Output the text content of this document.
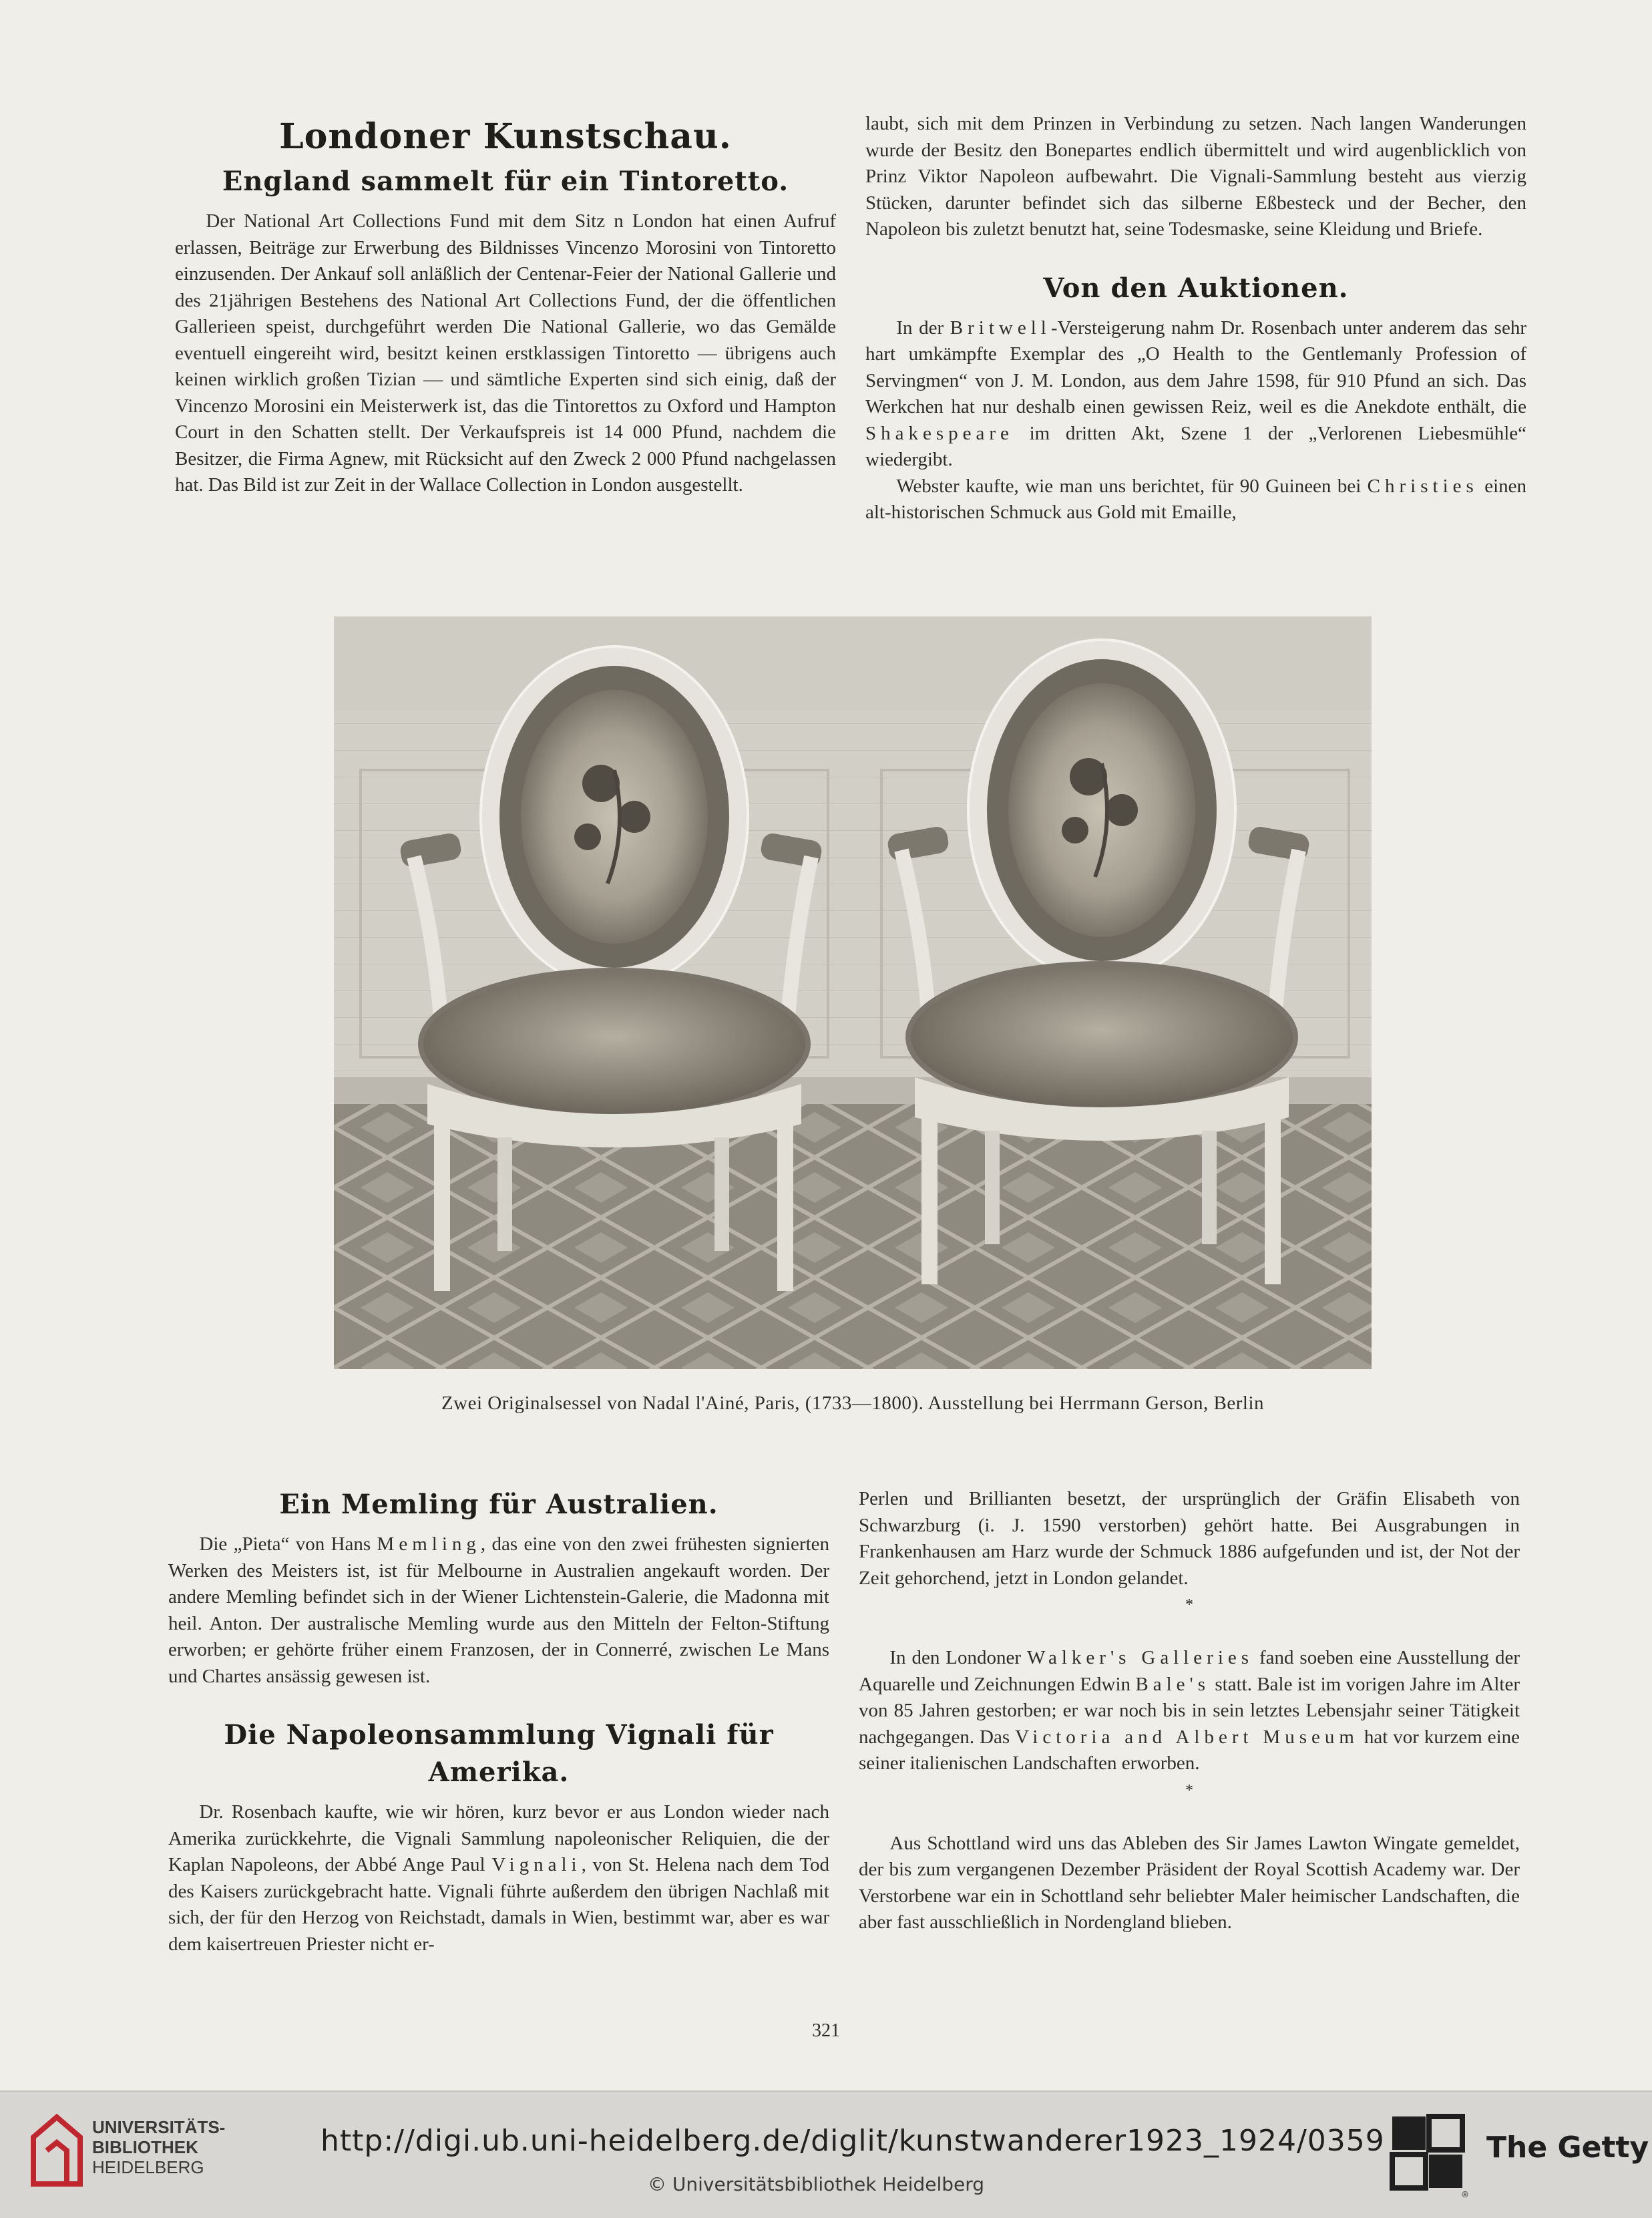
Londoner Kunstschau.
England sammelt für ein Tintoretto.

Der National Art Collections Fund mit dem Sitz n London hat einen Aufruf erlassen, Beiträge zur Erwerbung des Bildnisses Vincenzo Morosini von Tintoretto einzusenden. Der Ankauf soll anläßlich der Centenar-Feier der National Gallerie und des 21jährigen Bestehens des National Art Collections Fund, der die öffentlichen Gallerieen speist, durchgeführt werden Die National Gallerie, wo das Gemälde eventuell eingereiht wird, besitzt keinen erstklassigen Tintoretto — übrigens auch keinen wirklich großen Tizian — und sämtliche Experten sind sich einig, daß der Vincenzo Morosini ein Meisterwerk ist, das die Tintorettos zu Oxford und Hampton Court in den Schatten stellt. Der Verkaufspreis ist 14 000 Pfund, nachdem die Besitzer, die Firma Agnew, mit Rücksicht auf den Zweck 2 000 Pfund nachgelassen hat. Das Bild ist zur Zeit in der Wallace Collection in London ausgestellt.

laubt, sich mit dem Prinzen in Verbindung zu setzen. Nach langen Wanderungen wurde der Besitz den Bonepartes endlich übermittelt und wird augenblicklich von Prinz Viktor Napoleon aufbewahrt. Die Vignali-Sammlung besteht aus vierzig Stücken, darunter befindet sich das silberne Eßbesteck und der Becher, den Napoleon bis zuletzt benutzt hat, seine Todesmaske, seine Kleidung und Briefe.

Von den Auktionen.

In der Britwell-Versteigerung nahm Dr. Rosenbach unter anderem das sehr hart umkämpfte Exemplar des „O Health to the Gentlemanly Profession of Servingmen“ von J. M. London, aus dem Jahre 1598, für 910 Pfund an sich. Das Werkchen hat nur deshalb einen gewissen Reiz, weil es die Anekdote enthält, die Shakespeare im dritten Akt, Szene 1 der „Verlorenen Liebesmühle“ wiedergibt.

Webster kaufte, wie man uns berichtet, für 90 Guineen bei Christies einen alt-historischen Schmuck aus Gold mit Emaille,

Zwei Originalsessel von Nadal l'Ainé, Paris, (1733—1800). Ausstellung bei Herrmann Gerson, Berlin
Ein Memling für Australien.

Die „Pieta“ von Hans Memling, das eine von den zwei frühesten signierten Werken des Meisters ist, ist für Melbourne in Australien angekauft worden. Der andere Memling befindet sich in der Wiener Lichtenstein-Galerie, die Madonna mit heil. Anton. Der australische Memling wurde aus den Mitteln der Felton-Stiftung erworben; er gehörte früher einem Franzosen, der in Connerré, zwischen Le Mans und Chartes ansässig gewesen ist.

Die Napoleonsammlung Vignali für Amerika.

Dr. Rosenbach kaufte, wie wir hören, kurz bevor er aus London wieder nach Amerika zurückkehrte, die Vignali Sammlung napoleonischer Reliquien, die der Kaplan Napoleons, der Abbé Ange Paul Vignali, von St. Helena nach dem Tod des Kaisers zurückgebracht hatte. Vignali führte außerdem den übrigen Nachlaß mit sich, der für den Herzog von Reichstadt, damals in Wien, bestimmt war, aber es war dem kaisertreuen Priester nicht er-

Perlen und Brillianten besetzt, der ursprünglich der Gräfin Elisabeth von Schwarzburg (i. J. 1590 verstorben) gehört hatte. Bei Ausgrabungen in Frankenhausen am Harz wurde der Schmuck 1886 aufgefunden und ist, der Not der Zeit gehorchend, jetzt in London gelandet.

*

In den Londoner Walker's Galleries fand soeben eine Ausstellung der Aquarelle und Zeichnungen Edwin Bale's statt. Bale ist im vorigen Jahre im Alter von 85 Jahren gestorben; er war noch bis in sein letztes Lebensjahr seiner Tätigkeit nachgegangen. Das Victoria and Albert Museum hat vor kurzem eine seiner italienischen Landschaften erworben.

*

Aus Schottland wird uns das Ableben des Sir James Lawton Wingate gemeldet, der bis zum vergangenen Dezember Präsident der Royal Scottish Academy war. Der Verstorbene war ein in Schottland sehr beliebter Maler heimischer Landschaften, die aber fast ausschließlich in Nordengland blieben.

321
UNIVERSITÄTS-
BIBLIOTHEK
HEIDELBERG
http://digi.ub.uni-heidelberg.de/diglit/kunstwanderer1923_1924/0359
© Universitätsbibliothek Heidelberg	®
The Getty
